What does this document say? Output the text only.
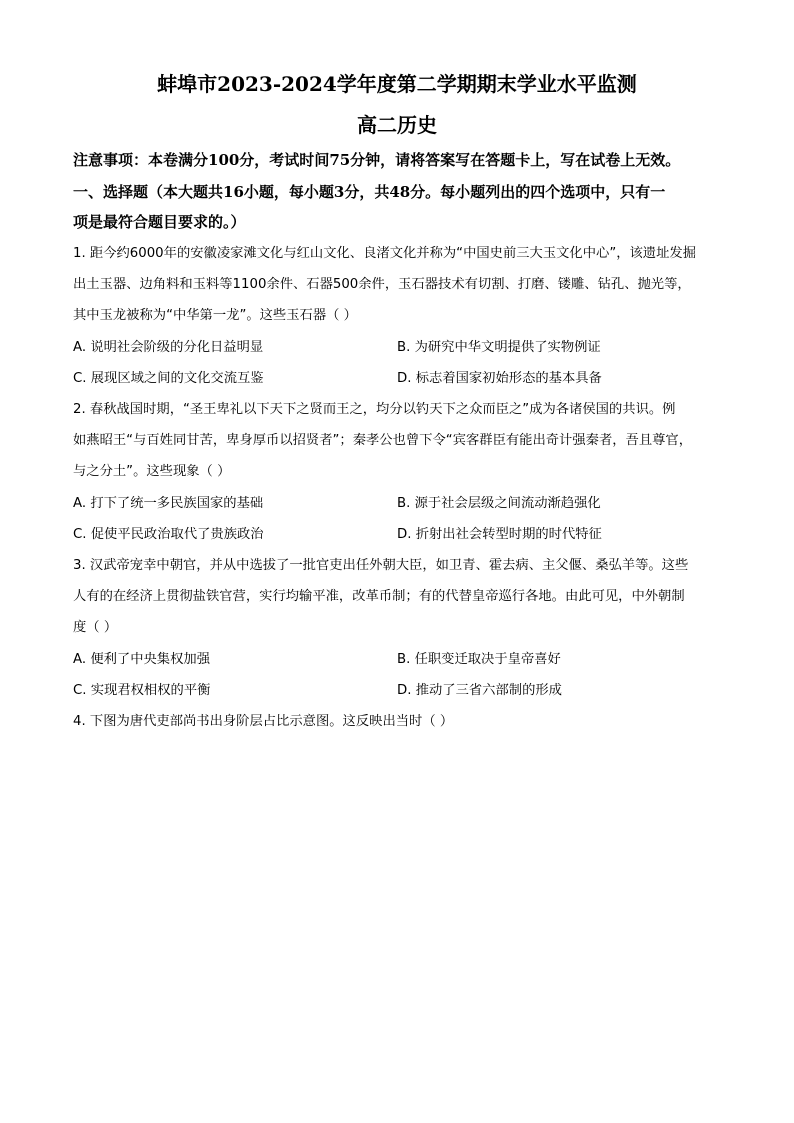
蚌埠市2023-2024学年度第二学期期末学业水平监测
高二历史
注意事项：本卷满分100分，考试时间75分钟，请将答案写在答题卡上，写在试卷上无效。
一、选择题（本大题共16小题，每小题3分，共48分。每小题列出的四个选项中，只有一
项是最符合题目要求的。）
1. 距今约6000年的安徽凌家滩文化与红山文化、良渚文化并称为“中国史前三大玉文化中心”，该遗址发掘
出土玉器、边角料和玉料等1100余件、石器500余件，玉石器技术有切割、打磨、镂雕、钻孔、抛光等，
其中玉龙被称为“中华第一龙”。这些玉石器（ ）
A. 说明社会阶级的分化日益明显	B. 为研究中华文明提供了实物例证
C. 展现区域之间的文化交流互鉴	D. 标志着国家初始形态的基本具备
2. 春秋战国时期，“圣王卑礼以下天下之贤而王之，均分以钓天下之众而臣之”成为各诸侯国的共识。例
如燕昭王“与百姓同甘苦，卑身厚币以招贤者”；秦孝公也曾下令“宾客群臣有能出奇计强秦者，吾且尊官，
与之分土”。这些现象（ ）
A. 打下了统一多民族国家的基础	B. 源于社会层级之间流动渐趋强化
C. 促使平民政治取代了贵族政治	D. 折射出社会转型时期的时代特征
3. 汉武帝宠幸中朝官，并从中选拔了一批官吏出任外朝大臣，如卫青、霍去病、主父偃、桑弘羊等。这些
人有的在经济上贯彻盐铁官营，实行均输平准，改革币制；有的代替皇帝巡行各地。由此可见，中外朝制
度（ ）
A. 便利了中央集权加强	B. 任职变迁取决于皇帝喜好
C. 实现君权相权的平衡	D. 推动了三省六部制的形成
4. 下图为唐代吏部尚书出身阶层占比示意图。这反映出当时（ ）
